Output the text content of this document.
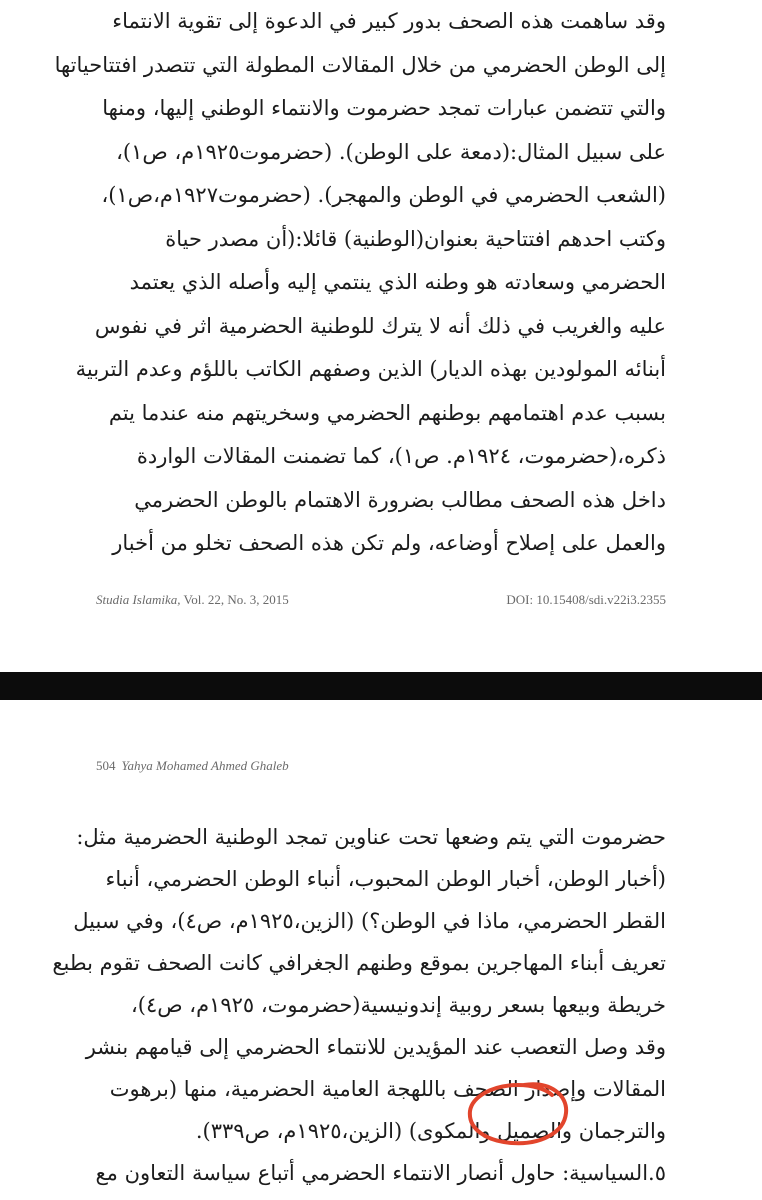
وقد ساهمت هذه الصحف بدور كبير في الدعوة إلى تقوية الانتماء
إلى الوطن الحضرمي من خلال المقالات المطولة التي تتصدر افتتاحياتها
والتي تتضمن عبارات تمجد حضرموت والانتماء الوطني إليها، ومنها
على سبيل المثال:(دمعة على الوطن). (حضرموت١٩٢٥م، ص١)،
(الشعب الحضرمي في الوطن والمهجر). (حضرموت١٩٢٧م،ص١)،
وكتب احدهم افتتاحية بعنوان(الوطنية) قائلا:(أن مصدر حياة
الحضرمي وسعادته هو وطنه الذي ينتمي إليه وأصله الذي يعتمد
عليه والغريب في ذلك أنه لا يترك للوطنية الحضرمية اثر في نفوس
أبنائه المولودين بهذه الديار) الذين وصفهم الكاتب باللؤم وعدم التربية
بسبب عدم اهتمامهم بوطنهم الحضرمي وسخريتهم منه عندما يتم
ذكره،(حضرموت، ١٩٢٤م. ص١)، كما تضمنت المقالات الواردة
داخل هذه الصحف مطالب بضرورة الاهتمام بالوطن الحضرمي
والعمل على إصلاح أوضاعه، ولم تكن هذه الصحف تخلو من أخبار
Studia Islamika, Vol. 22, No. 3, 2015	DOI: 10.15408/sdi.v22i3.2355
504 Yahya Mohamed Ahmed Ghaleb
حضرموت التي يتم وضعها تحت عناوين تمجد الوطنية الحضرمية مثل:
(أخبار الوطن، أخبار الوطن المحبوب، أنباء الوطن الحضرمي، أنباء
القطر الحضرمي، ماذا في الوطن؟) (الزين،١٩٢٥م، ص٤)، وفي سبيل
تعريف أبناء المهاجرين بموقع وطنهم الجغرافي كانت الصحف تقوم بطبع
خريطة وبيعها بسعر روبية إندونيسية(حضرموت، ١٩٢٥م، ص٤)،
وقد وصل التعصب عند المؤيدين للانتماء الحضرمي إلى قيامهم بنشر
المقالات وإصدار الصحف باللهجة العامية الحضرمية، منها (برهوت
والترجمان والصميل والمكوى) (الزين،١٩٢٥م، ص٣٣٩).
٥.السياسية: حاول أنصار الانتماء الحضرمي أتباع سياسة التعاون مع
